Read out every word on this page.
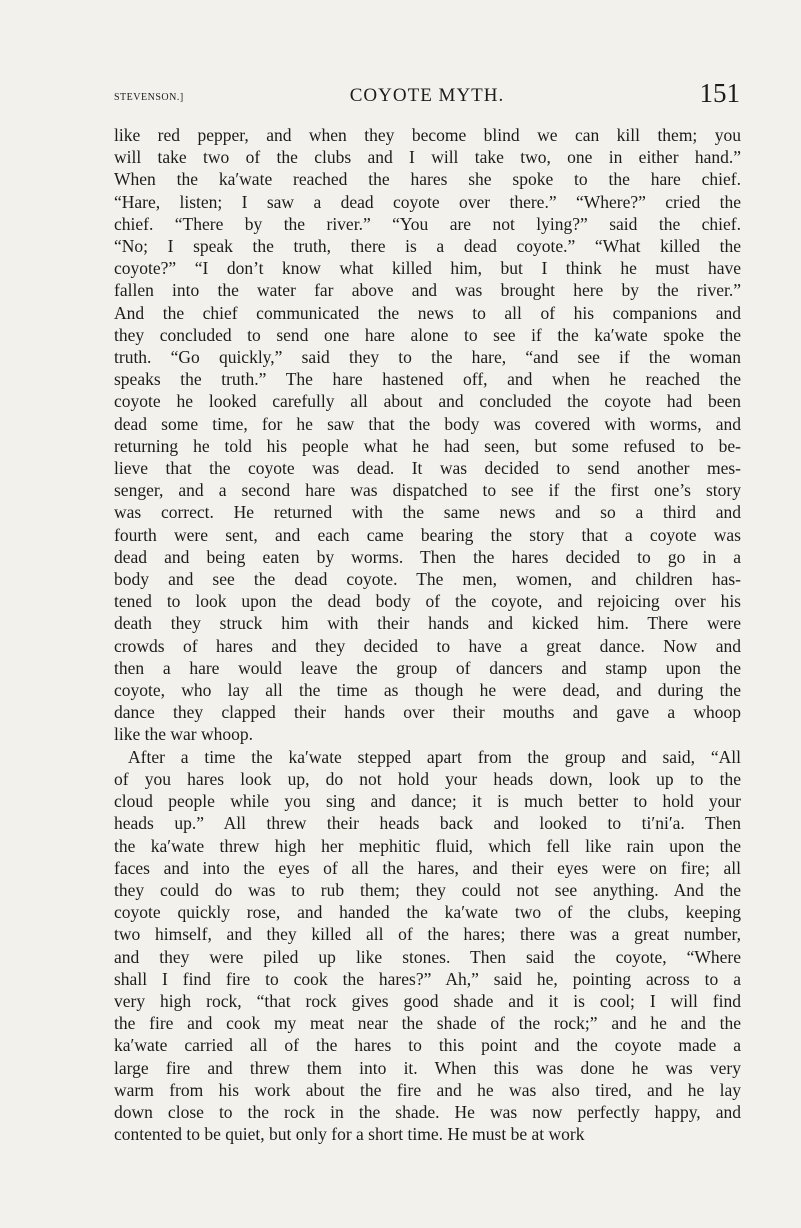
STEVENSON.]	COYOTE MYTH.	151

like red pepper, and when they become blind we can kill them; you
will take two of the clubs and I will take two, one in either hand.”
When the ka′wate reached the hares she spoke to the hare chief.
“Hare, listen; I saw a dead coyote over there.” “Where?” cried the
chief. “There by the river.” “You are not lying?” said the chief.
“No; I speak the truth, there is a dead coyote.” “What killed the
coyote?” “I don’t know what killed him, but I think he must have
fallen into the water far above and was brought here by the river.”
And the chief communicated the news to all of his companions and
they concluded to send one hare alone to see if the ka′wate spoke the
truth. “Go quickly,” said they to the hare, “and see if the woman
speaks the truth.” The hare hastened off, and when he reached the
coyote he looked carefully all about and concluded the coyote had been
dead some time, for he saw that the body was covered with worms, and
returning he told his people what he had seen, but some refused to be-
lieve that the coyote was dead. It was decided to send another mes-
senger, and a second hare was dispatched to see if the first one’s story
was correct. He returned with the same news and so a third and
fourth were sent, and each came bearing the story that a coyote was
dead and being eaten by worms. Then the hares decided to go in a
body and see the dead coyote. The men, women, and children has-
tened to look upon the dead body of the coyote, and rejoicing over his
death they struck him with their hands and kicked him. There were
crowds of hares and they decided to have a great dance. Now and
then a hare would leave the group of dancers and stamp upon the
coyote, who lay all the time as though he were dead, and during the
dance they clapped their hands over their mouths and gave a whoop
like the war whoop.

After a time the ka′wate stepped apart from the group and said, “All
of you hares look up, do not hold your heads down, look up to the
cloud people while you sing and dance; it is much better to hold your
heads up.” All threw their heads back and looked to ti′ni′a. Then
the ka′wate threw high her mephitic fluid, which fell like rain upon the
faces and into the eyes of all the hares, and their eyes were on fire; all
they could do was to rub them; they could not see anything. And the
coyote quickly rose, and handed the ka′wate two of the clubs, keeping
two himself, and they killed all of the hares; there was a great number,
and they were piled up like stones. Then said the coyote, “Where
shall I find fire to cook the hares?” Ah,” said he, pointing across to a
very high rock, “that rock gives good shade and it is cool; I will find
the fire and cook my meat near the shade of the rock;” and he and the
ka′wate carried all of the hares to this point and the coyote made a
large fire and threw them into it. When this was done he was very
warm from his work about the fire and he was also tired, and he lay
down close to the rock in the shade. He was now perfectly happy, and
contented to be quiet, but only for a short time. He must be at work
